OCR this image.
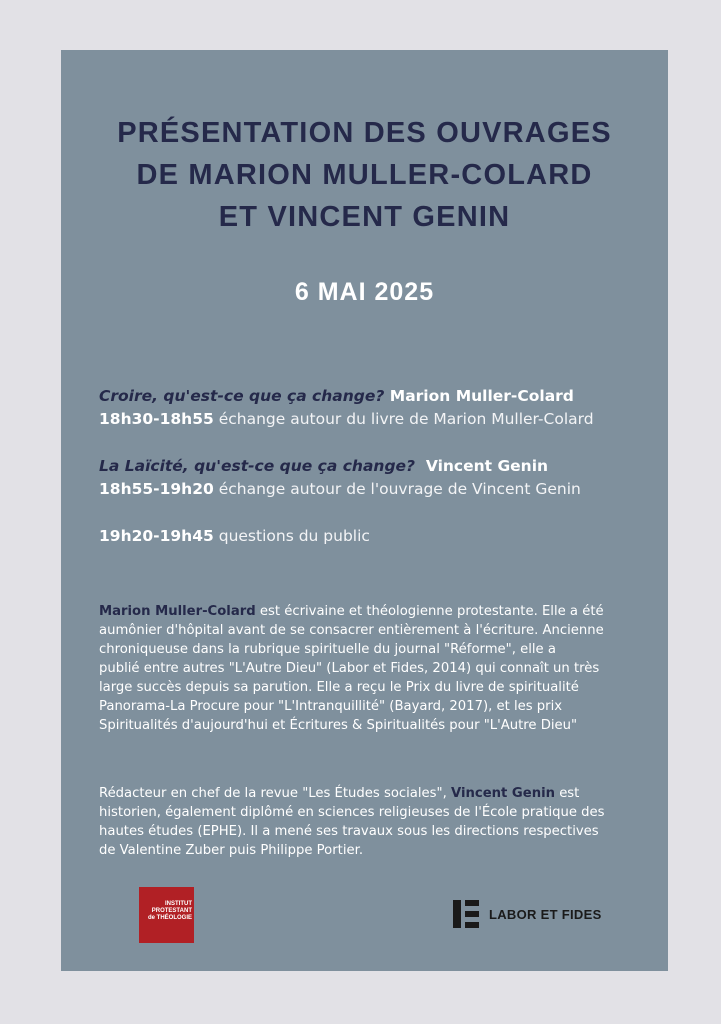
PRÉSENTATION DES OUVRAGES
DE MARION MULLER-COLARD
ET VINCENT GENIN
6 MAI 2025
Croire, qu'est-ce que ça change? Marion Muller-Colard
18h30-18h55 échange autour du livre de Marion Muller-Colard
La Laïcité, qu'est-ce que ça change?  Vincent Genin
18h55-19h20 échange autour de l'ouvrage de Vincent Genin
19h20-19h45 questions du public
Marion Muller-Colard est écrivaine et théologienne protestante. Elle a été
aumônier d'hôpital avant de se consacrer entièrement à l'écriture. Ancienne
chroniqueuse dans la rubrique spirituelle du journal "Réforme", elle a
publié entre autres "L'Autre Dieu" (Labor et Fides, 2014) qui connaît un très
large succès depuis sa parution. Elle a reçu le Prix du livre de spiritualité
Panorama-La Procure pour "L'Intranquillité" (Bayard, 2017), et les prix
Spiritualités d'aujourd'hui et Écritures & Spiritualités pour "L'Autre Dieu"
Rédacteur en chef de la revue "Les Études sociales", Vincent Genin est
historien, également diplômé en sciences religieuses de l'École pratique des
hautes études (EPHE). Il a mené ses travaux sous les directions respectives
de Valentine Zuber puis Philippe Portier.
INSTITUT
PROTESTANT
de THÉOLOGIE	LABOR ET FIDES
